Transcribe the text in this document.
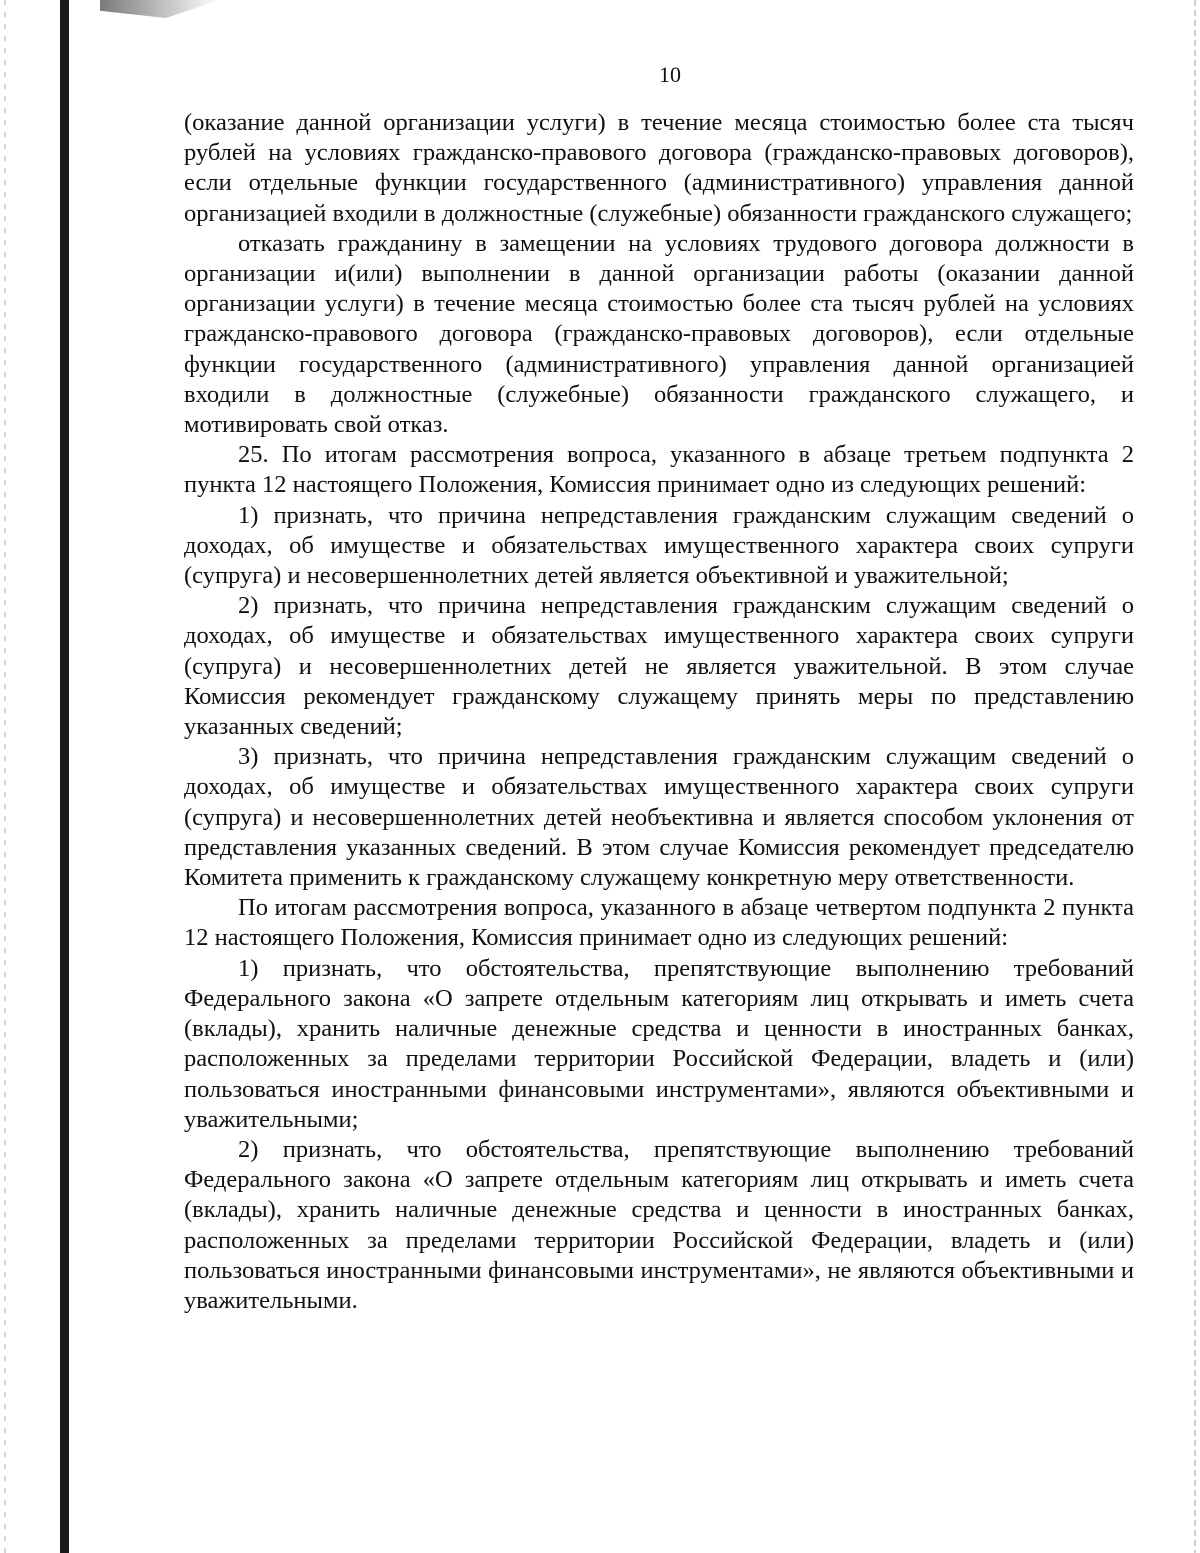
10

(оказание данной организации услуги) в течение месяца стоимостью более ста тысяч рублей на условиях гражданско-правового договора (гражданско-правовых договоров), если отдельные функции государственного (административного) управления данной организацией входили в должностные (служебные) обязанности гражданского служащего;

отказать гражданину в замещении на условиях трудового договора должности в организации и(или) выполнении в данной организации работы (оказании данной организации услуги) в течение месяца стоимостью более ста тысяч рублей на условиях гражданско-правового договора (гражданско-правовых договоров), если отдельные функции государственного (административного) управления данной организацией входили в должностные (служебные) обязанности гражданского служащего, и мотивировать свой отказ.

25. По итогам рассмотрения вопроса, указанного в абзаце третьем подпункта 2 пункта 12 настоящего Положения, Комиссия принимает одно из следующих решений:

1) признать, что причина непредставления гражданским служащим сведений о доходах, об имуществе и обязательствах имущественного характера своих супруги (супруга) и несовершеннолетних детей является объективной и уважительной;

2) признать, что причина непредставления гражданским служащим сведений о доходах, об имуществе и обязательствах имущественного характера своих супруги (супруга) и несовершеннолетних детей не является уважительной. В этом случае Комиссия рекомендует гражданскому служащему принять меры по представлению указанных сведений;

3) признать, что причина непредставления гражданским служащим сведений о доходах, об имуществе и обязательствах имущественного характера своих супруги (супруга) и несовершеннолетних детей необъективна и является способом уклонения от представления указанных сведений. В этом случае Комиссия рекомендует председателю Комитета применить к гражданскому служащему конкретную меру ответственности.

По итогам рассмотрения вопроса, указанного в абзаце четвертом подпункта 2 пункта 12 настоящего Положения, Комиссия принимает одно из следующих решений:

1) признать, что обстоятельства, препятствующие выполнению требований Федерального закона «О запрете отдельным категориям лиц открывать и иметь счета (вклады), хранить наличные денежные средства и ценности в иностранных банках, расположенных за пределами территории Российской Федерации, владеть и (или) пользоваться иностранными финансовыми инструментами», являются объективными и уважительными;

2) признать, что обстоятельства, препятствующие выполнению требований Федерального закона «О запрете отдельным категориям лиц открывать и иметь счета (вклады), хранить наличные денежные средства и ценности в иностранных банках, расположенных за пределами территории Российской Федерации, владеть и (или) пользоваться иностранными финансовыми инструментами», не являются объективными и уважительными.
